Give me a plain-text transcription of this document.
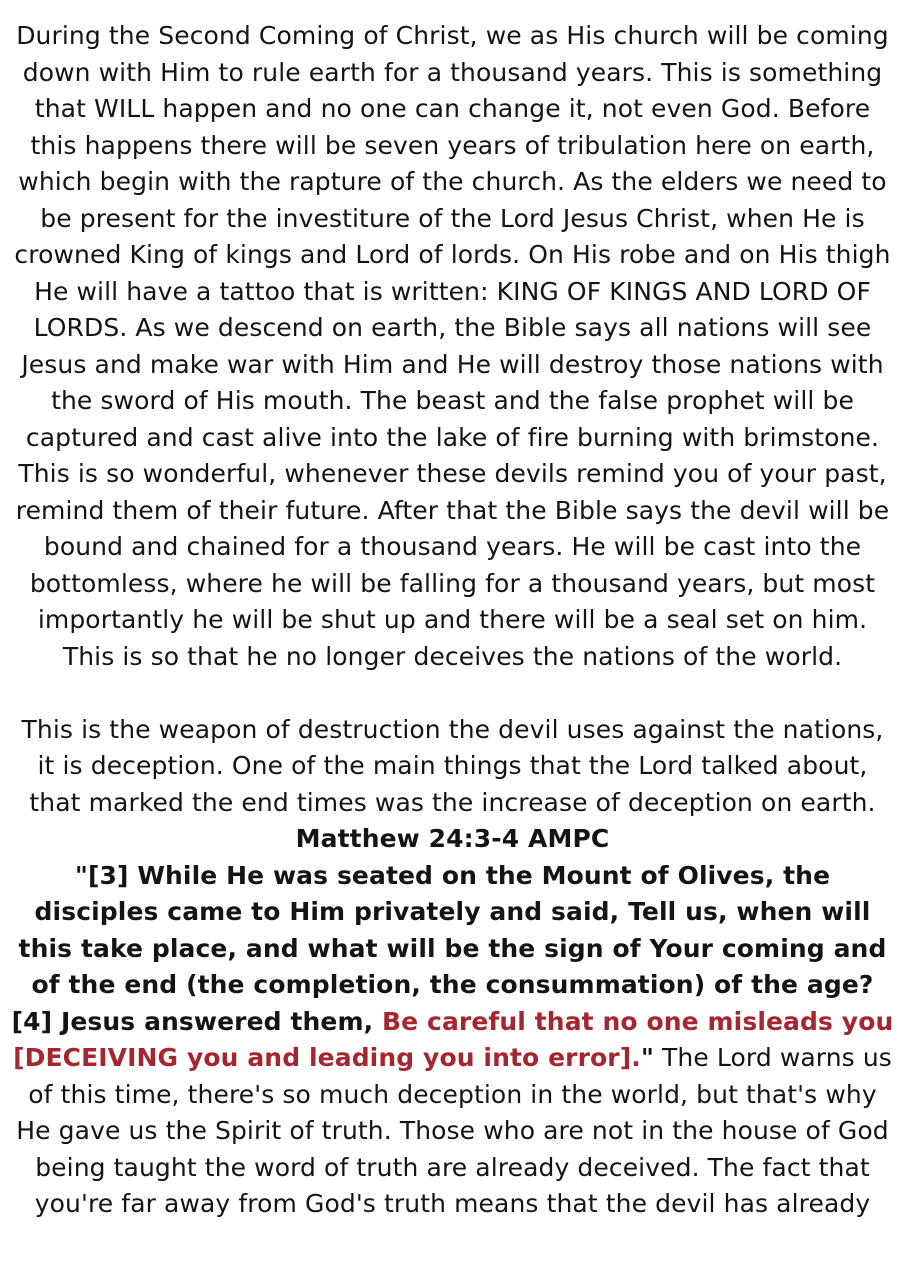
During the Second Coming of Christ, we as His church will be coming down with Him to rule earth for a thousand years. This is something that WILL happen and no one can change it, not even God. Before this happens there will be seven years of tribulation here on earth, which begin with the rapture of the church. As the elders we need to be present for the investiture of the Lord Jesus Christ, when He is crowned King of kings and Lord of lords. On His robe and on His thigh He will have a tattoo that is written: KING OF KINGS AND LORD OF LORDS. As we descend on earth, the Bible says all nations will see Jesus and make war with Him and He will destroy those nations with the sword of His mouth. The beast and the false prophet will be captured and cast alive into the lake of fire burning with brimstone. This is so wonderful, whenever these devils remind you of your past, remind them of their future. After that the Bible says the devil will be bound and chained for a thousand years. He will be cast into the bottomless, where he will be falling for a thousand years, but most importantly he will be shut up and there will be a seal set on him. This is so that he no longer deceives the nations of the world.

This is the weapon of destruction the devil uses against the nations, it is deception. One of the main things that the Lord talked about, that marked the end times was the increase of deception on earth. Matthew 24:3-4 AMPC
"[3] While He was seated on the Mount of Olives, the disciples came to Him privately and said, Tell us, when will this take place, and what will be the sign of Your coming and of the end (the completion, the consummation) of the age? [4] Jesus answered them, Be careful that no one misleads you [DECEIVING you and leading you into error]." The Lord warns us of this time, there's so much deception in the world, but that's why He gave us the Spirit of truth. Those who are not in the house of God being taught the word of truth are already deceived. The fact that you're far away from God's truth means that the devil has already
